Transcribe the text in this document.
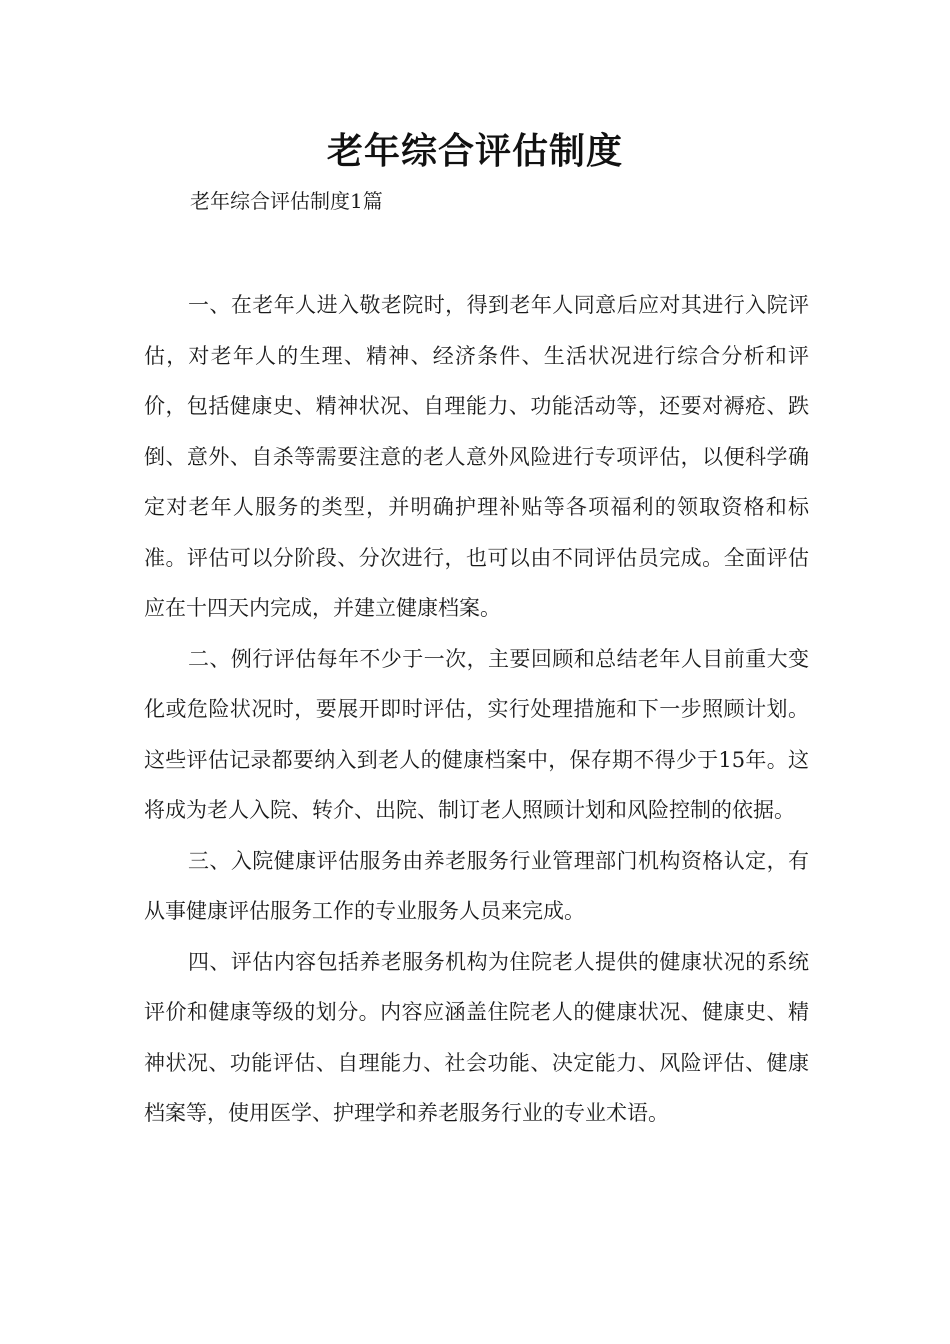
老年综合评估制度
老年综合评估制度1篇

一、在老年人进入敬老院时，得到老年人同意后应对其进行入院评估，对老年人的生理、精神、经济条件、生活状况进行综合分析和评价，包括健康史、精神状况、自理能力、功能活动等，还要对褥疮、跌倒、意外、自杀等需要注意的老人意外风险进行专项评估，以便科学确定对老年人服务的类型，并明确护理补贴等各项福利的领取资格和标准。评估可以分阶段、分次进行，也可以由不同评估员完成。全面评估应在十四天内完成，并建立健康档案。

二、例行评估每年不少于一次，主要回顾和总结老年人目前重大变化或危险状况时，要展开即时评估，实行处理措施和下一步照顾计划。这些评估记录都要纳入到老人的健康档案中，保存期不得少于15年。这将成为老人入院、转介、出院、制订老人照顾计划和风险控制的依据。

三、入院健康评估服务由养老服务行业管理部门机构资格认定，有从事健康评估服务工作的专业服务人员来完成。

四、评估内容包括养老服务机构为住院老人提供的健康状况的系统评价和健康等级的划分。内容应涵盖住院老人的健康状况、健康史、精神状况、功能评估、自理能力、社会功能、决定能力、风险评估、健康档案等，使用医学、护理学和养老服务行业的专业术语。
